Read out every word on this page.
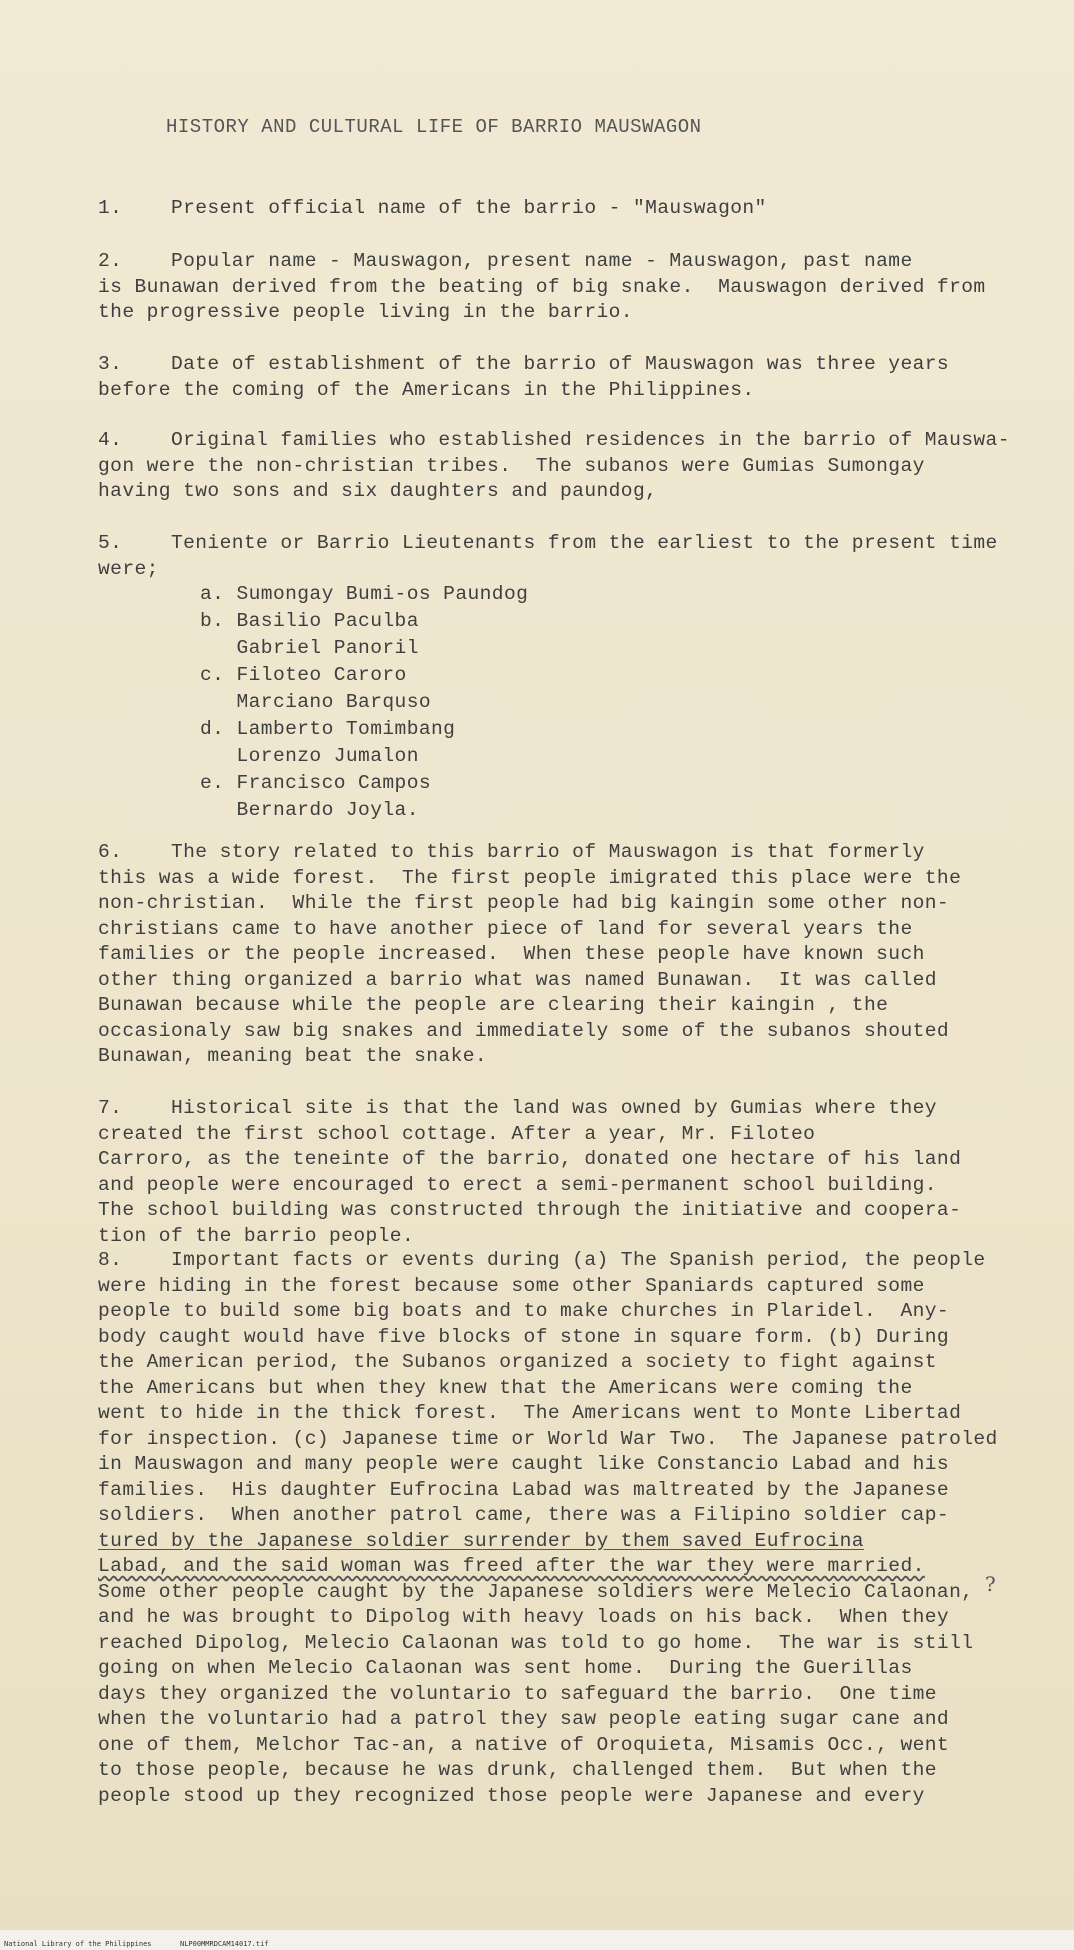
HISTORY AND CULTURAL LIFE OF BARRIO MAUSWAGON
1.    Present official name of the barrio - "Mauswagon"
2.    Popular name - Mauswagon, present name - Mauswagon, past name
is Bunawan derived from the beating of big snake.  Mauswagon derived from
the progressive people living in the barrio.
3.    Date of establishment of the barrio of Mauswagon was three years
before the coming of the Americans in the Philippines.
4.    Original families who established residences in the barrio of Mauswa-
gon were the non-christian tribes.  The subanos were Gumias Sumongay
having two sons and six daughters and paundog,
5.    Teniente or Barrio Lieutenants from the earliest to the present time
were;
a. Sumongay Bumi-os Paundog
b. Basilio Paculba
Gabriel Panoril
c. Filoteo Caroro
Marciano Barquso
d. Lamberto Tomimbang
Lorenzo Jumalon
e. Francisco Campos
Bernardo Joyla.
6.    The story related to this barrio of Mauswagon is that formerly
this was a wide forest.  The first people imigrated this place were the
non-christian.  While the first people had big kaingin some other non-
christians came to have another piece of land for several years the
families or the people increased.  When these people have known such
other thing organized a barrio what was named Bunawan.  It was called
Bunawan because while the people are clearing their kaingin , the
occasionaly saw big snakes and immediately some of the subanos shouted
Bunawan, meaning beat the snake.
7.    Historical site is that the land was owned by Gumias where they
created the first school cottage. After a year, Mr. Filoteo
Carroro, as the teneinte of the barrio, donated one hectare of his land
and people were encouraged to erect a semi-permanent school building.
The school building was constructed through the initiative and coopera-
tion of the barrio people.
8.    Important facts or events during (a) The Spanish period, the people
were hiding in the forest because some other Spaniards captured some
people to build some big boats and to make churches in Plaridel.  Any-
body caught would have five blocks of stone in square form. (b) During
the American period, the Subanos organized a society to fight against
the Americans but when they knew that the Americans were coming the
went to hide in the thick forest.  The Americans went to Monte Libertad
for inspection. (c) Japanese time or World War Two.  The Japanese patroled
in Mauswagon and many people were caught like Constancio Labad and his
families.  His daughter Eufrocina Labad was maltreated by the Japanese
soldiers.  When another patrol came, there was a Filipino soldier cap-
tured by the Japanese soldier surrender by them saved Eufrocina
Labad, and the said woman was freed after the war they were married.
Some other people caught by the Japanese soldiers were Melecio Calaonan,
and he was brought to Dipolog with heavy loads on his back.  When they
reached Dipolog, Melecio Calaonan was told to go home.  The war is still
going on when Melecio Calaonan was sent home.  During the Guerillas
days they organized the voluntario to safeguard the barrio.  One time
when the voluntario had a patrol they saw people eating sugar cane and
one of them, Melchor Tac-an, a native of Oroquieta, Misamis Occ., went
to those people, because he was drunk, challenged them.  But when the
people stood up they recognized those people were Japanese and every
?
National Library of the Philippines	NLP00MMRDCAM14017.tif
